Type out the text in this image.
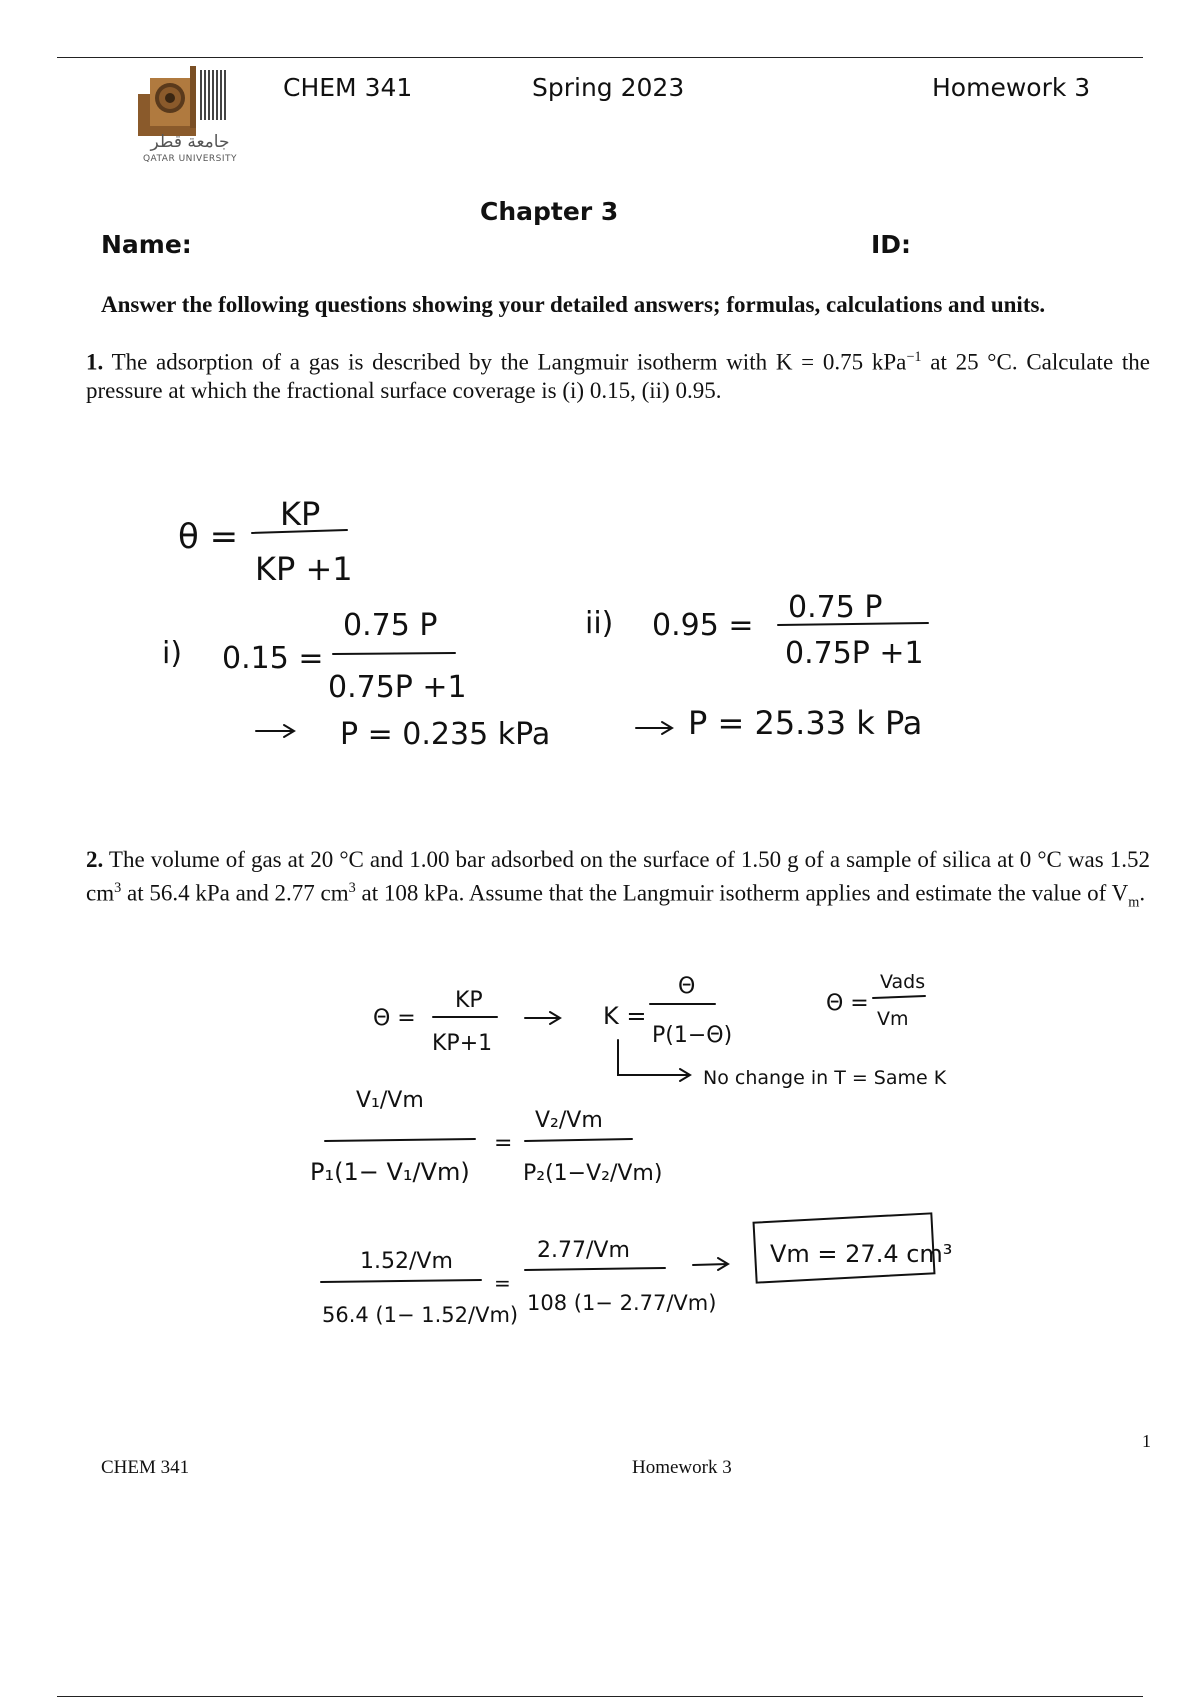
جامعة قطر
QATAR UNIVERSITY
CHEM 341	Spring 2023	Homework 3
Chapter 3
Name:	ID:
Answer the following questions showing your detailed answers; formulas, calculations and units.
1. The adsorption of a gas is described by the Langmuir isotherm with K = 0.75 kPa$^{-1}$ at 25 °C. Calculate the pressure at which the fractional surface coverage is (i) 0.15, (ii) 0.95.
2. The volume of gas at 20 °C and 1.00 bar adsorbed on the surface of 1.50 g of a sample of silica at 0 °C was 1.52 $cm^3$ at 56.4 kPa and 2.77 $cm^3$ at 108 kPa. Assume that the Langmuir isotherm applies and estimate the value of $V_m$.
θ =
KP
KP +1
i) 0.15 =
0.75 P
0.75P +1
P = 0.235 kPa
ii) 0.95 =
0.75 P
0.75P +1
P = 25.33 k Pa
Θ =
KP
KP+1
K =
Θ
P(1−Θ)
Θ =
Vads
Vm
No change in T = Same K
V₁/Vm
P₁(1− V₁/Vm)
=
V₂/Vm
P₂(1−V₂/Vm)
1.52/Vm
56.4 (1− 1.52/Vm)
=
2.77/Vm
108 (1− 2.77/Vm)
Vm = 27.4 cm³
1
CHEM 341	Homework 3
